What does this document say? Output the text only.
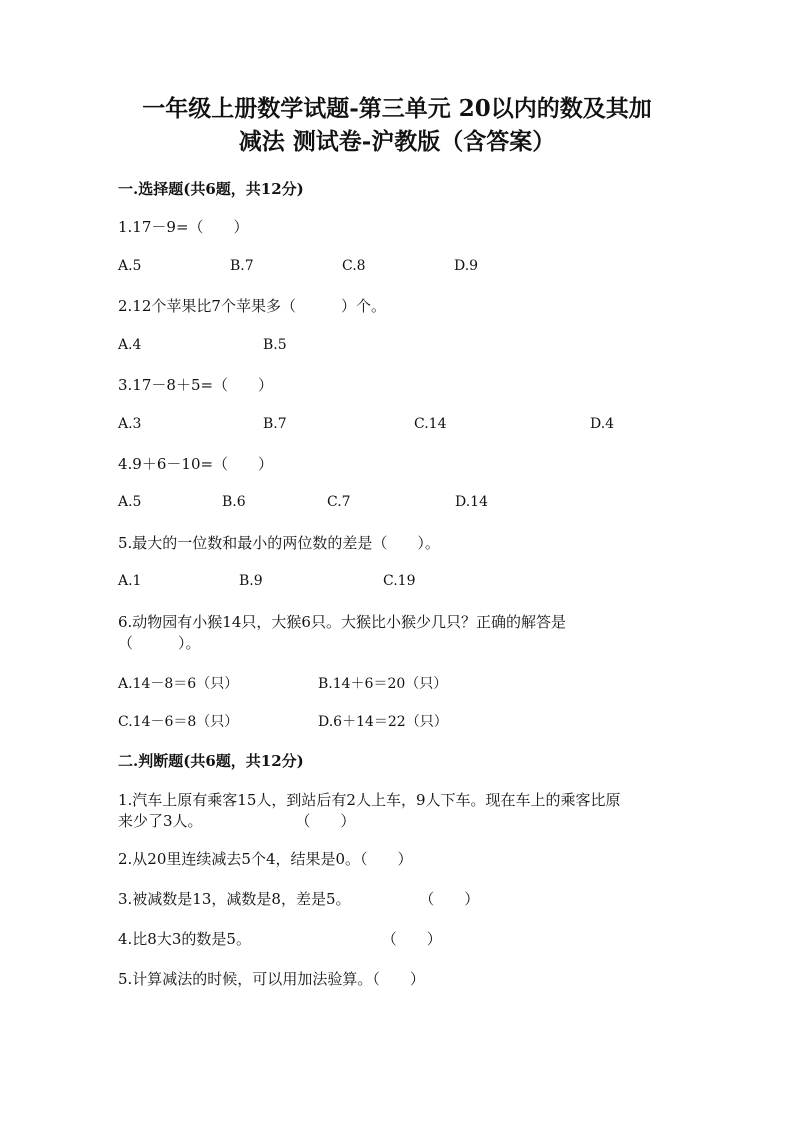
一年级上册数学试题-第三单元 20以内的数及其加
减法 测试卷-沪教版（含答案）
一.选择题(共6题，共12分)
1.17－9=（　　）
A.5	B.7	C.8	D.9
2.12个苹果比7个苹果多（　　　）个。
A.4	B.5
3.17－8＋5=（　　）
A.3	B.7	C.14	D.4
4.9＋6－10=（　　）
A.5	B.6	C.7	D.14
5.最大的一位数和最小的两位数的差是（　　）。
A.1	B.9	C.19
6.动物园有小猴14只，大猴6只。大猴比小猴少几只？正确的解答是
（　　　）。
A.14－8＝6（只）	B.14＋6＝20（只）
C.14－6＝8（只）	D.6＋14＝22（只）
二.判断题(共6题，共12分)
1.汽车上原有乘客15人，到站后有2人上车，9人下车。现在车上的乘客比原
来少了3人。	（　　）
2.从20里连续减去5个4，结果是0。（　　）
3.被减数是13，减数是8，差是5。	（　　）
4.比8大3的数是5。	（　　）
5.计算减法的时候，可以用加法验算。（　　）
